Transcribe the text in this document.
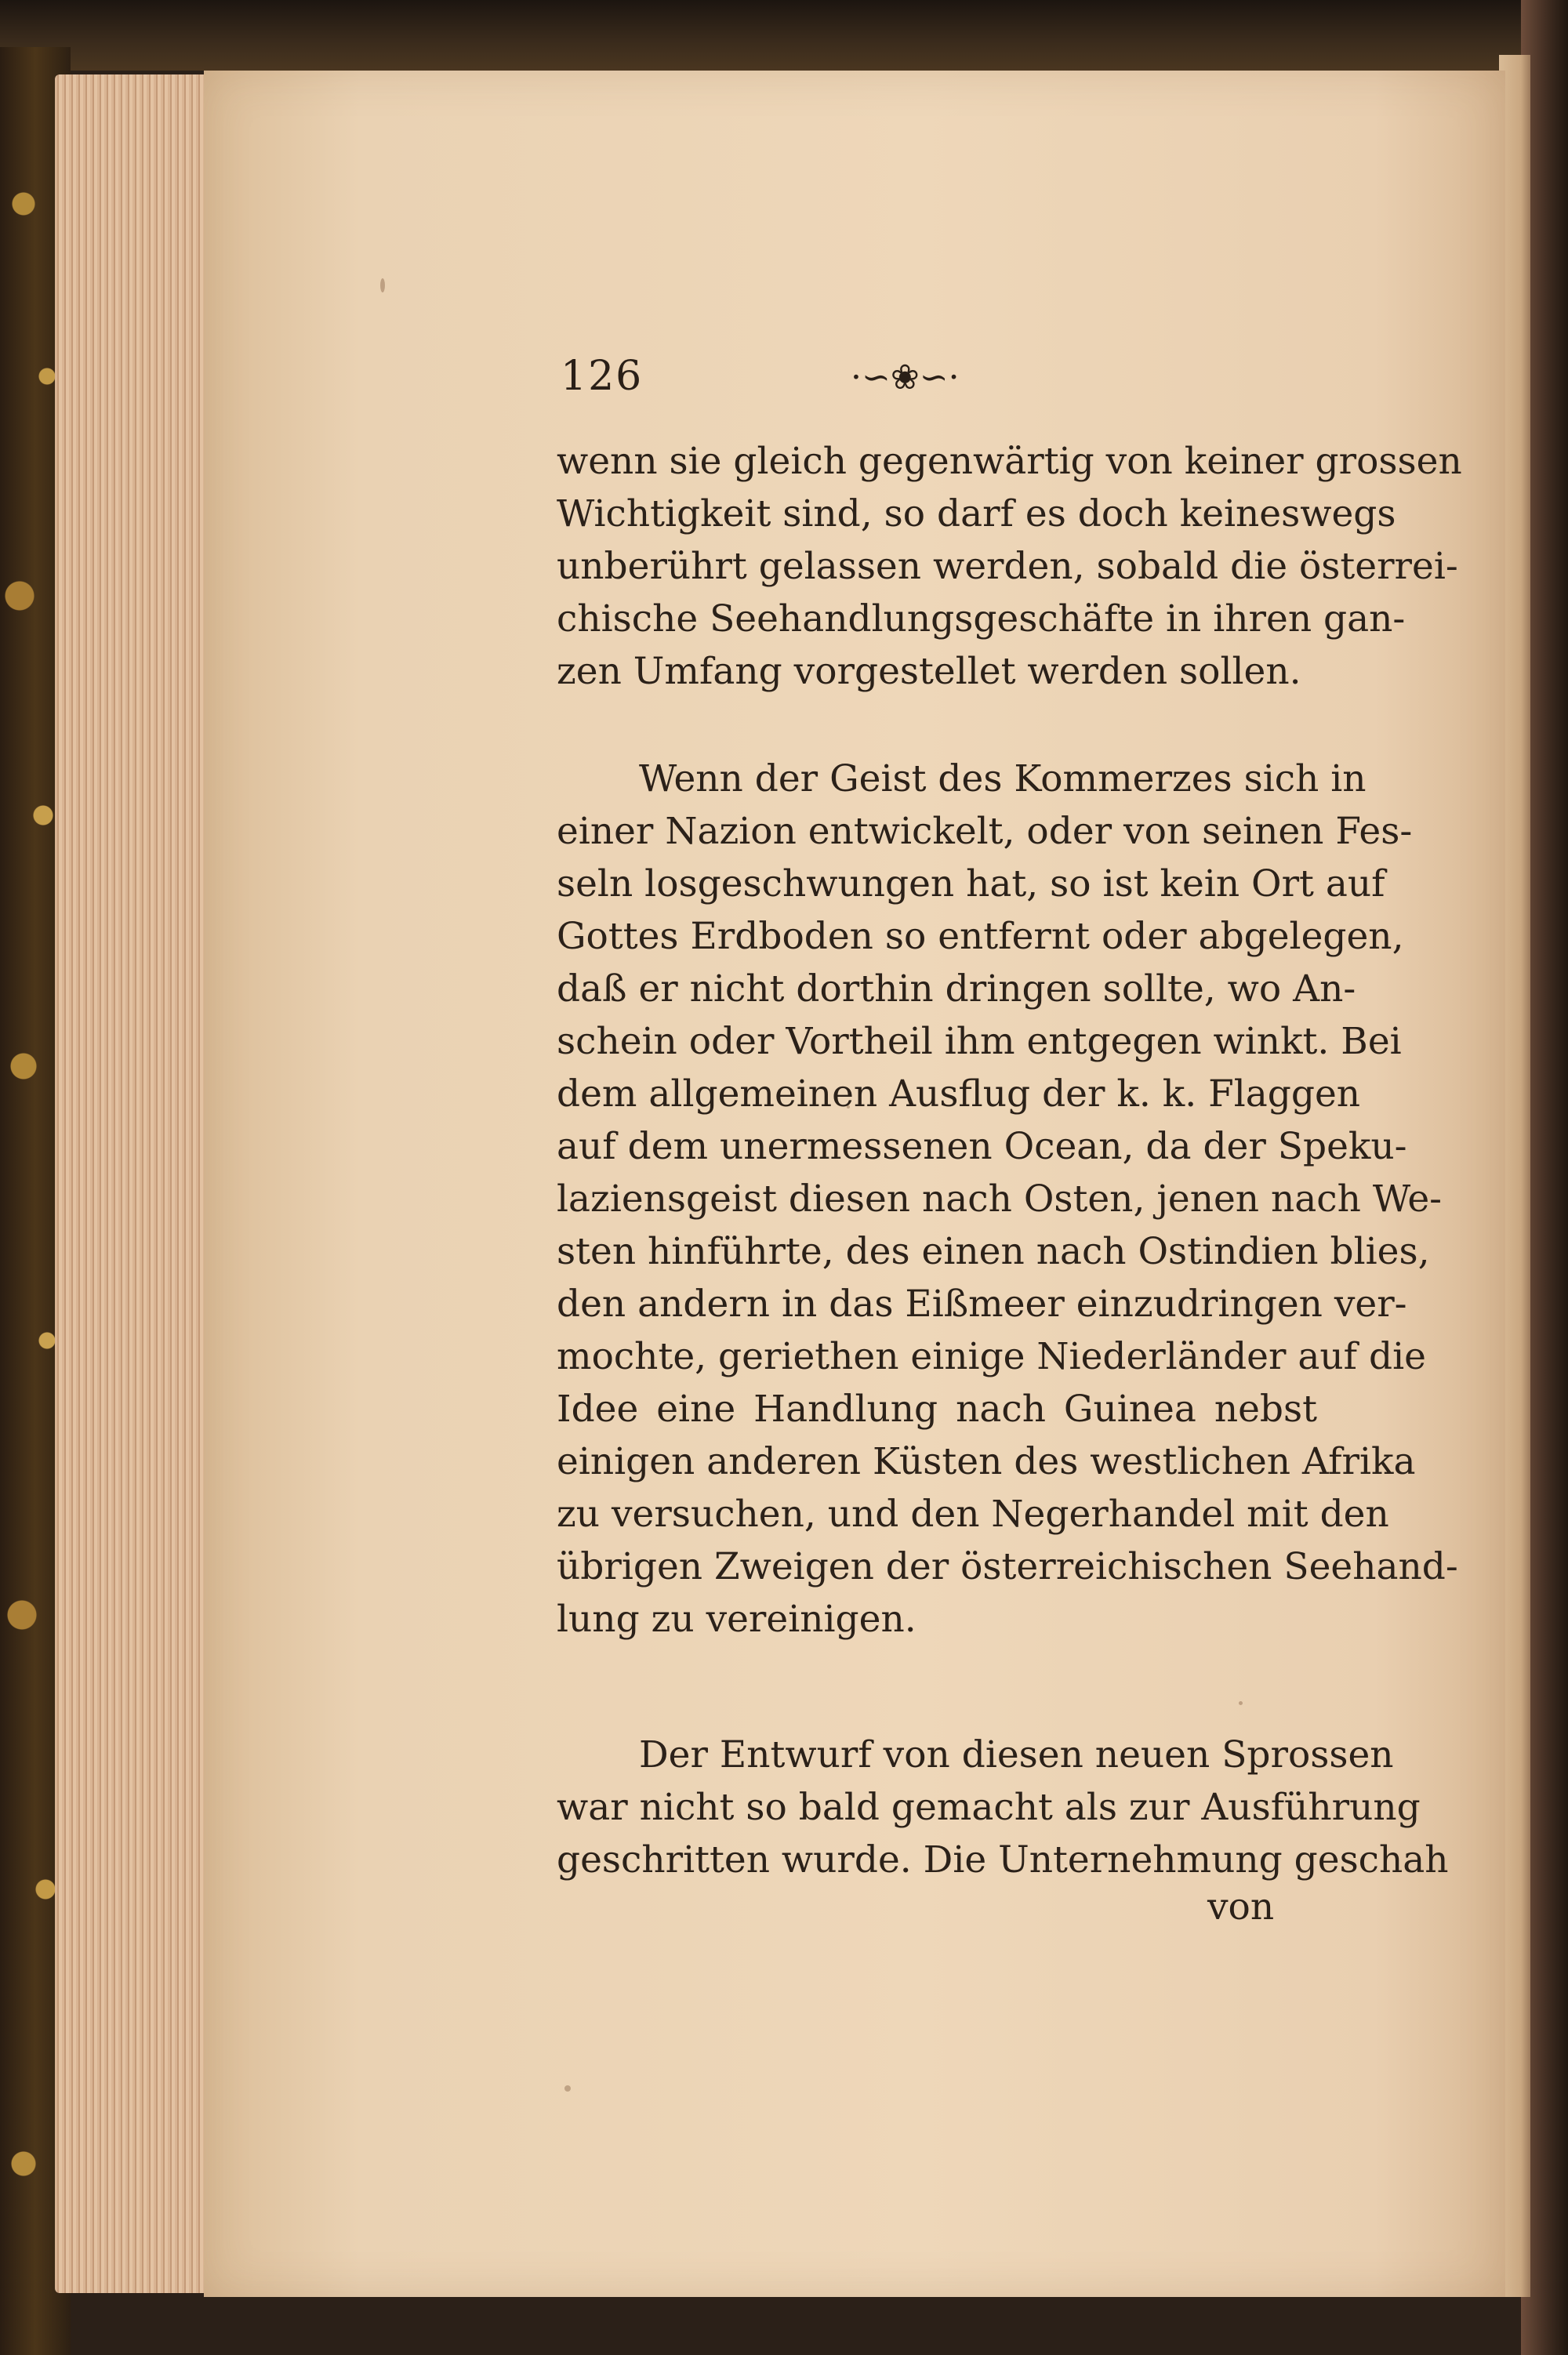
126	·∽❀∽·
wenn sie gleich gegenwärtig von keiner grossen
Wichtigkeit sind, so darf es doch keineswegs
unberührt gelassen werden, sobald die österrei-
chische Seehandlungsgeschäfte in ihren gan-
zen Umfang vorgestellet werden sollen.
Wenn der Geist des Kommerzes sich in
einer Nazion entwickelt, oder von seinen Fes-
seln losgeschwungen hat, so ist kein Ort auf
Gottes Erdboden so entfernt oder abgelegen,
daß er nicht dorthin dringen sollte, wo An-
schein oder Vortheil ihm entgegen winkt. Bei
dem allgemeinen Ausflug der k. k. Flaggen
auf dem unermessenen Ocean, da der Speku-
laziensgeist diesen nach Osten, jenen nach We-
sten hinführte, des einen nach Ostindien blies,
den andern in das Eißmeer einzudringen ver-
mochte, geriethen einige Niederländer auf die
Idee eine Handlung nach Guinea nebst
einigen anderen Küsten des westlichen Afrika
zu versuchen, und den Negerhandel mit den
übrigen Zweigen der österreichischen Seehand-
lung zu vereinigen.
Der Entwurf von diesen neuen Sprossen
war nicht so bald gemacht als zur Ausführung
geschritten wurde. Die Unternehmung geschah
von
